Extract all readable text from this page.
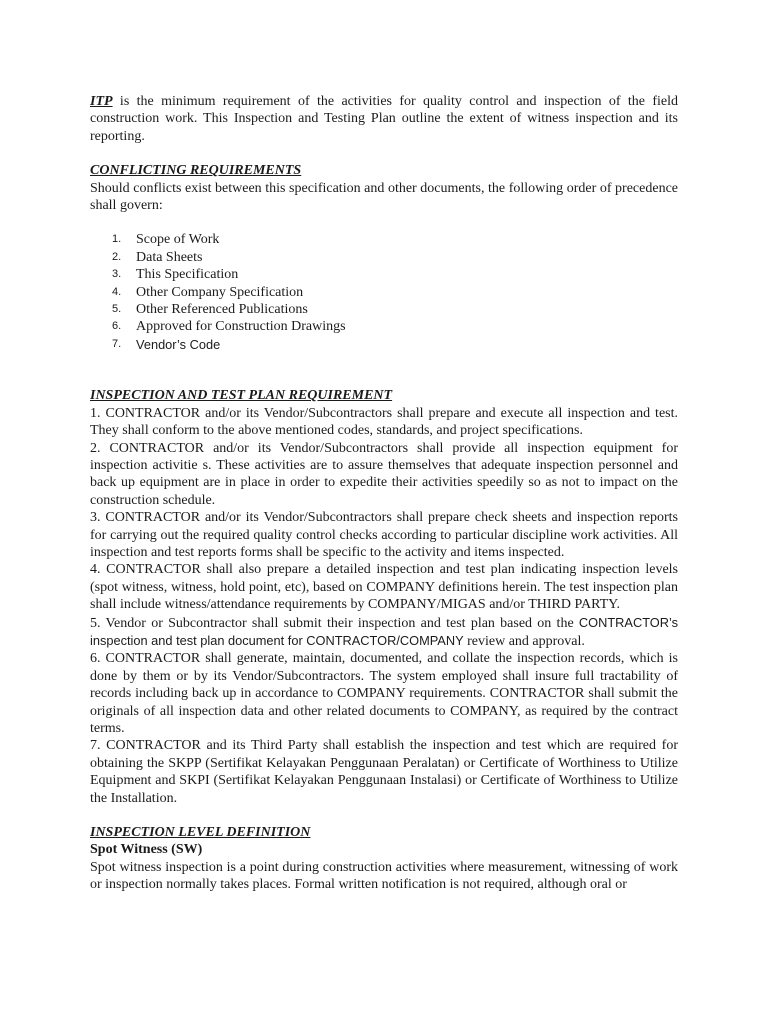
ITP is the minimum requirement of the activities for quality control and inspection of the field construction work. This Inspection and Testing Plan outline the extent of witness inspection and its reporting.

CONFLICTING REQUIREMENTS

Should conflicts exist between this specification and other documents, the following order of precedence shall govern:

1.	Scope of Work
2.	Data Sheets
3.	This Specification
4.	Other Company Specification
5.	Other Referenced Publications
6.	Approved for Construction Drawings
7.	Vendor’s Code

INSPECTION AND TEST PLAN REQUIREMENT

1. CONTRACTOR and/or its Vendor/Subcontractors shall prepare and execute all inspection and test. They shall conform to the above mentioned codes, standards, and project specifications.

2. CONTRACTOR and/or its Vendor/Subcontractors shall provide all inspection equipment for inspection activitie s. These activities are to assure themselves that adequate inspection personnel and back up equipment are in place in order to expedite their activities speedily so as not to impact on the construction schedule.

3. CONTRACTOR and/or its Vendor/Subcontractors shall prepare check sheets and inspection reports for carrying out the required quality control checks according to particular discipline work activities. All inspection and test reports forms shall be specific to the activity and items inspected.

4. CONTRACTOR shall also prepare a detailed inspection and test plan indicating inspection levels (spot witness, witness, hold point, etc), based on COMPANY definitions herein. The test inspection plan shall include witness/attendance requirements by COMPANY/MIGAS and/or THIRD PARTY.

5. Vendor or Subcontractor shall submit their inspection and test plan based on the CONTRACTOR’s inspection and test plan document for CONTRACTOR/COMPANY review and approval.

6. CONTRACTOR shall generate, maintain, documented, and collate the inspection records, which is done by them or by its Vendor/Subcontractors. The system employed shall insure full tractability of records including back up in accordance to COMPANY requirements. CONTRACTOR shall submit the originals of all inspection data and other related documents to COMPANY, as required by the contract terms.

7. CONTRACTOR and its Third Party shall establish the inspection and test which are required for obtaining the SKPP (Sertifikat Kelayakan Penggunaan Peralatan) or Certificate of Worthiness to Utilize Equipment and SKPI (Sertifikat Kelayakan Penggunaan Instalasi) or Certificate of Worthiness to Utilize the Installation.

INSPECTION LEVEL DEFINITION

Spot Witness (SW)

Spot witness inspection is a point during construction activities where measurement, witnessing of work or inspection normally takes places. Formal written notification is not required, although oral or
